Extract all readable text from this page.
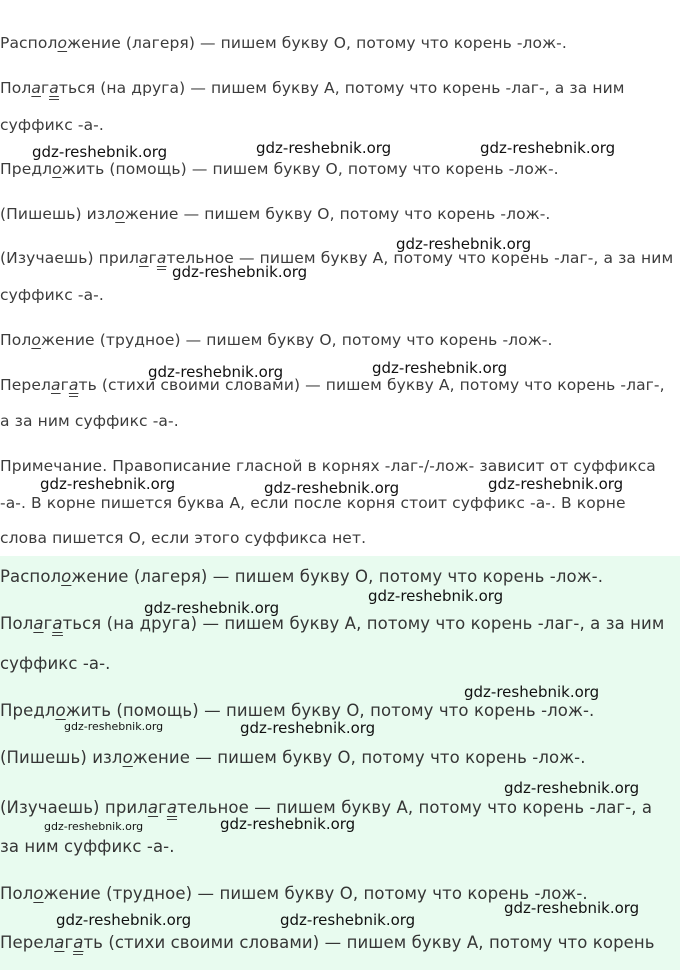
Расположение (лагеря) — пишем букву О, потому что корень -лож-.
Полагаться (на друга) — пишем букву А, потому что корень -лаг-, а за ним
суффикс -а-.
Предложить (помощь) — пишем букву О, потому что корень -лож-.
(Пишешь) изложение — пишем букву О, потому что корень -лож-.
(Изучаешь) прилагательное — пишем букву А, потому что корень -лаг-, а за ним
суффикс -а-.
Положение (трудное) — пишем букву О, потому что корень -лож-.
Перелагать (стихи своими словами) — пишем букву А, потому что корень -лаг-,
а за ним суффикс -а-.
Примечание. Правописание гласной в корнях -лаг-/-лож- зависит от суффикса
-а-. В корне пишется буква А, если после корня стоит суффикс -а-. В корне
слова пишется О, если этого суффикса нет.
gdz-reshebnik.org	gdz-reshebnik.org	gdz-reshebnik.org
gdz-reshebnik.org
gdz-reshebnik.org
gdz-reshebnik.org	gdz-reshebnik.org
gdz-reshebnik.org	gdz-reshebnik.org	gdz-reshebnik.org
Расположение (лагеря) — пишем букву О, потому что корень -лож-.
Полагаться (на друга) — пишем букву А, потому что корень -лаг-, а за ним
суффикс -а-.
Предложить (помощь) — пишем букву О, потому что корень -лож-.
(Пишешь) изложение — пишем букву О, потому что корень -лож-.
(Изучаешь) прилагательное — пишем букву А, потому что корень -лаг-, а
за ним суффикс -а-.
Положение (трудное) — пишем букву О, потому что корень -лож-.
Перелагать (стихи своими словами) — пишем букву А, потому что корень
gdz-reshebnik.org
gdz-reshebnik.org
gdz-reshebnik.org
gdz-reshebnik.org	gdz-reshebnik.org
gdz-reshebnik.org
gdz-reshebnik.org	gdz-reshebnik.org
gdz-reshebnik.org
gdz-reshebnik.org	gdz-reshebnik.org
